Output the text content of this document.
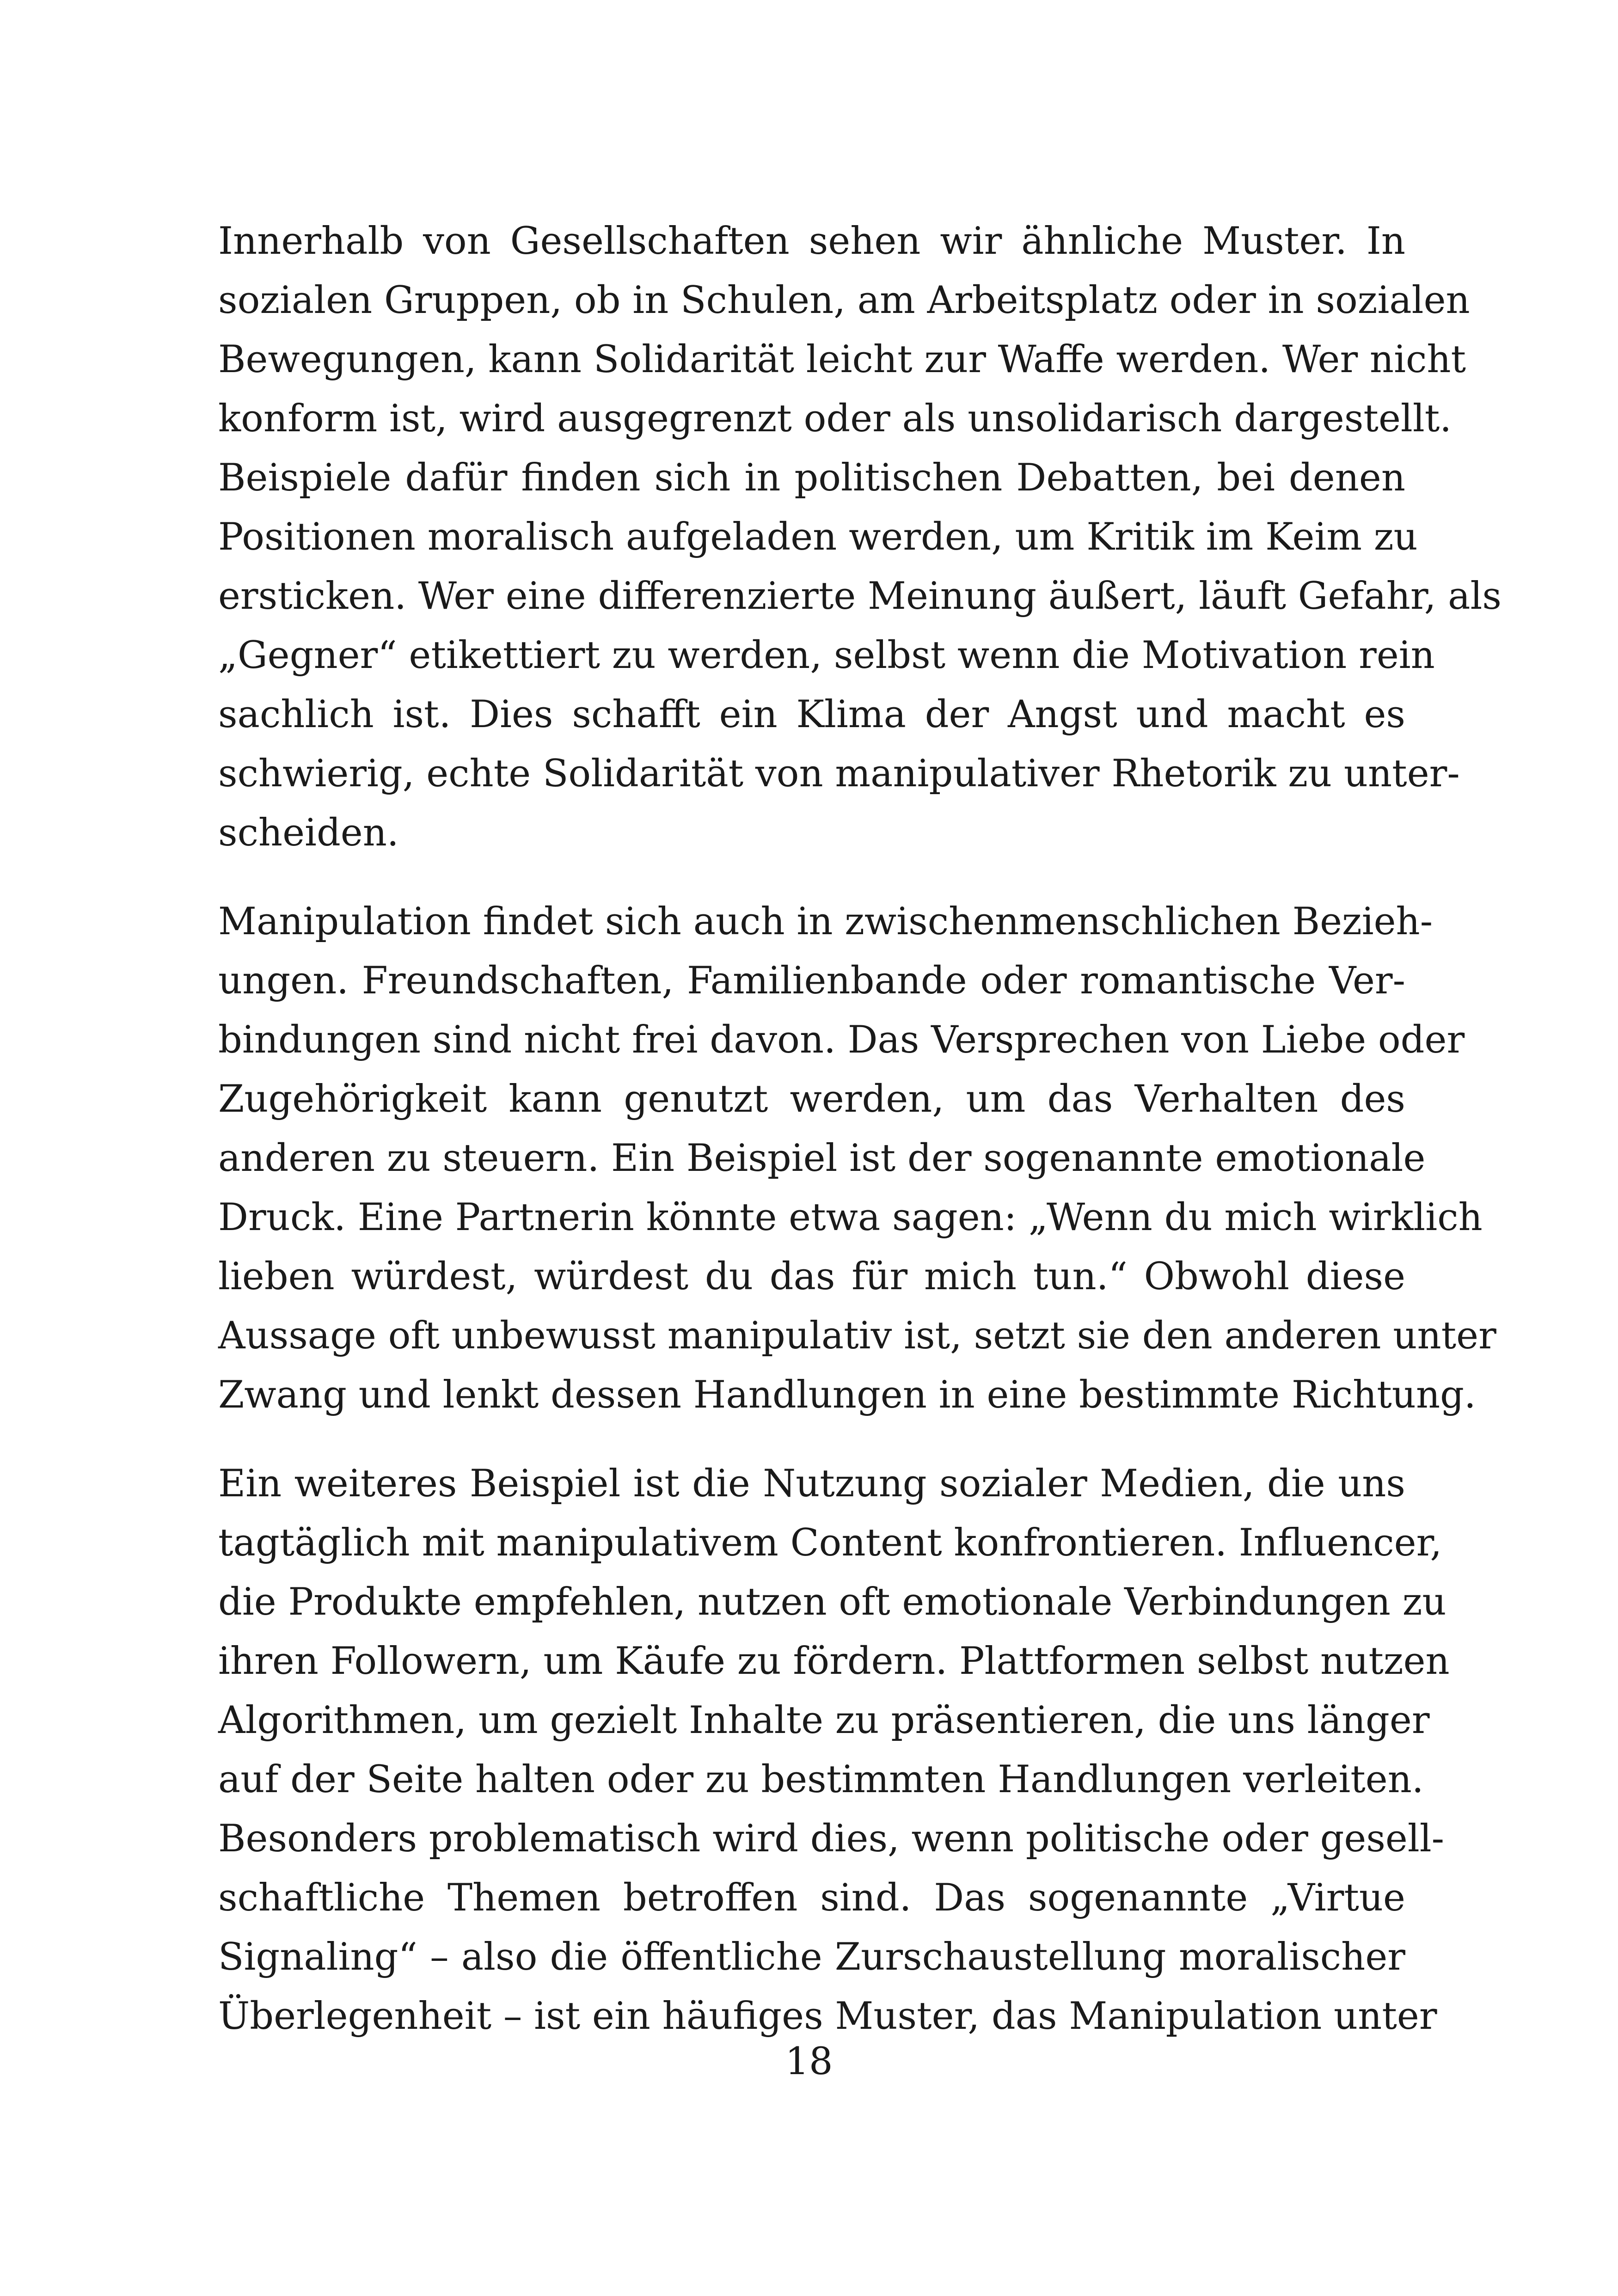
Innerhalb von Gesellschaften sehen wir ähnliche Muster. In
sozialen Gruppen, ob in Schulen, am Arbeitsplatz oder in sozialen
Bewegungen, kann Solidarität leicht zur Waffe werden. Wer nicht
konform ist, wird ausgegrenzt oder als unsolidarisch dargestellt.
Beispiele dafür finden sich in politischen Debatten, bei denen
Positionen moralisch aufgeladen werden, um Kritik im Keim zu
ersticken. Wer eine differenzierte Meinung äußert, läuft Gefahr, als
„Gegner“ etikettiert zu werden, selbst wenn die Motivation rein
sachlich ist. Dies schafft ein Klima der Angst und macht es
schwierig, echte Solidarität von manipulativer Rhetorik zu unter-
scheiden.

Manipulation findet sich auch in zwischenmenschlichen Bezieh-
ungen. Freundschaften, Familienbande oder romantische Ver-
bindungen sind nicht frei davon. Das Versprechen von Liebe oder
Zugehörigkeit kann genutzt werden, um das Verhalten des
anderen zu steuern. Ein Beispiel ist der sogenannte emotionale
Druck. Eine Partnerin könnte etwa sagen: „Wenn du mich wirklich
lieben würdest, würdest du das für mich tun.“ Obwohl diese
Aussage oft unbewusst manipulativ ist, setzt sie den anderen unter
Zwang und lenkt dessen Handlungen in eine bestimmte Richtung.

Ein weiteres Beispiel ist die Nutzung sozialer Medien, die uns
tagtäglich mit manipulativem Content konfrontieren. Influencer,
die Produkte empfehlen, nutzen oft emotionale Verbindungen zu
ihren Followern, um Käufe zu fördern. Plattformen selbst nutzen
Algorithmen, um gezielt Inhalte zu präsentieren, die uns länger
auf der Seite halten oder zu bestimmten Handlungen verleiten.
Besonders problematisch wird dies, wenn politische oder gesell-
schaftliche Themen betroffen sind. Das sogenannte „Virtue
Signaling“ – also die öffentliche Zurschaustellung moralischer
Überlegenheit – ist ein häufiges Muster, das Manipulation unter

18
